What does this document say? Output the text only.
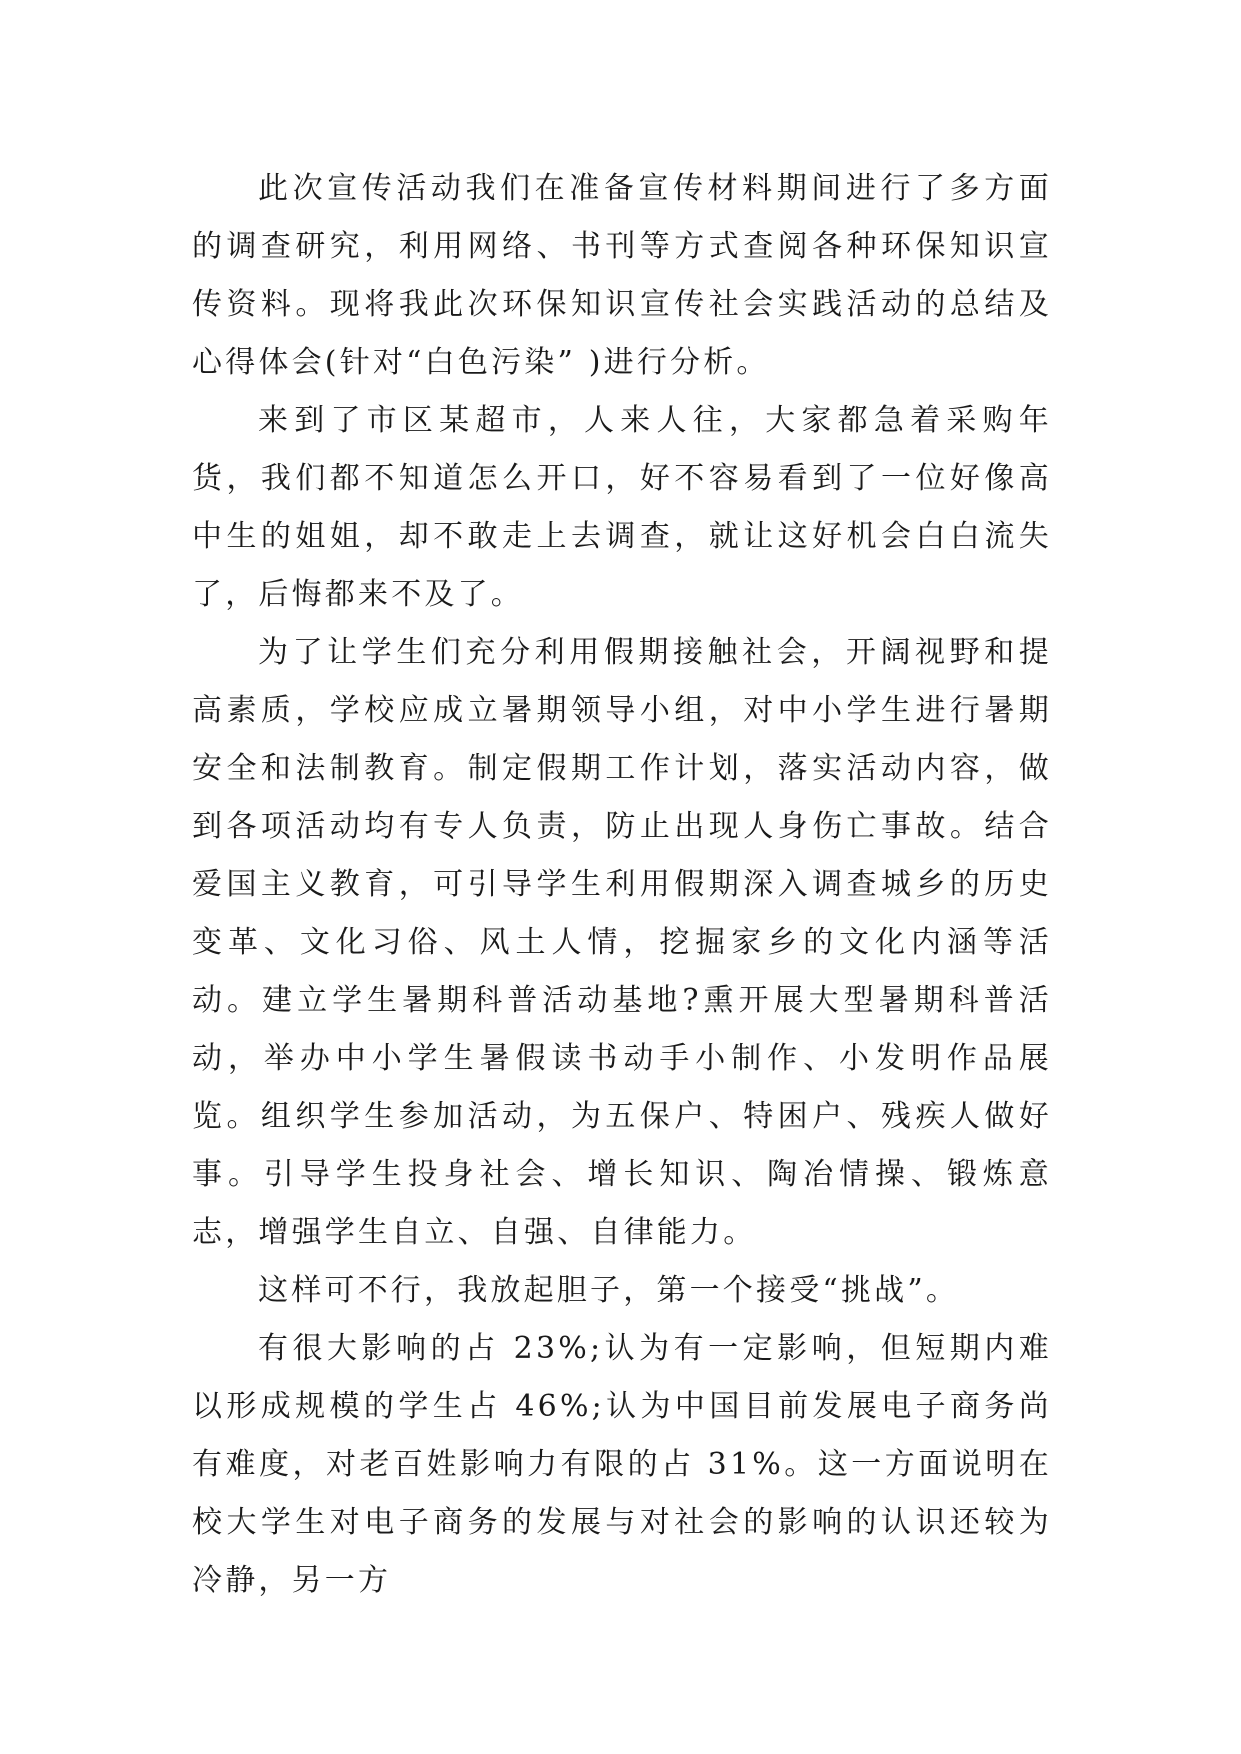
此次宣传活动我们在准备宣传材料期间进行了多方面的调查研究，利用网络、书刊等方式查阅各种环保知识宣传资料。现将我此次环保知识宣传社会实践活动的总结及心得体会(针对“白色污染” )进行分析。

来到了市区某超市，人来人往，大家都急着采购年货，我们都不知道怎么开口，好不容易看到了一位好像高中生的姐姐，却不敢走上去调查，就让这好机会白白流失了，后悔都来不及了。

为了让学生们充分利用假期接触社会，开阔视野和提高素质，学校应成立暑期领导小组，对中小学生进行暑期安全和法制教育。制定假期工作计划，落实活动内容，做到各项活动均有专人负责，防止出现人身伤亡事故。结合爱国主义教育，可引导学生利用假期深入调查城乡的历史变革、文化习俗、风土人情，挖掘家乡的文化内涵等活动。建立学生暑期科普活动基地?熏开展大型暑期科普活动，举办中小学生暑假读书动手小制作、小发明作品展览。组织学生参加活动，为五保户、特困户、残疾人做好事。引导学生投身社会、增长知识、陶冶情操、锻炼意志，增强学生自立、自强、自律能力。

这样可不行，我放起胆子，第一个接受“挑战”。

有很大影响的占 23%;认为有一定影响，但短期内难以形成规模的学生占 46%;认为中国目前发展电子商务尚有难度，对老百姓影响力有限的占 31%。这一方面说明在校大学生对电子商务的发展与对社会的影响的认识还较为冷静，另一方
